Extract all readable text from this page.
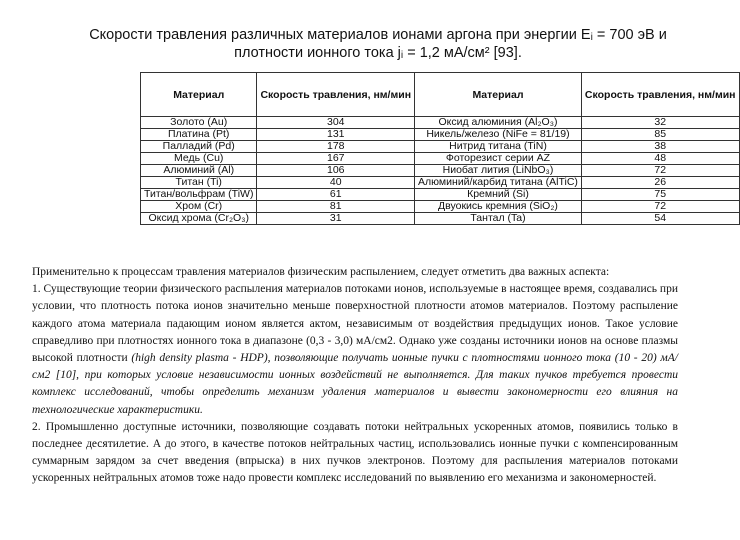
Скорости травления различных материалов ионами аргона при энергии Eᵢ = 700 эВ и
плотности ионного тока jᵢ = 1,2 мА/см² [93].
Материал	Скорость травления, нм/мин	Материал	Скорость травления, нм/мин
Золото (Au)	304	Оксид алюминия (Al₂O₃)	32
Платина (Pt)	131	Никель/железо (NiFe = 81/19)	85
Палладий (Pd)	178	Нитрид титана (TiN)	38
Медь (Cu)	167	Фоторезист серии AZ	48
Алюминий (Al)	106	Ниобат лития (LiNbO₃)	72
Титан (Ti)	40	Алюминий/карбид титана (AlTiC)	26
Титан/вольфрам (TiW)	61	Кремний (Si)	75
Хром (Cr)	81	Двуокись кремния (SiO₂)	72
Оксид хрома (Cr₂O₃)	31	Тантал (Ta)	54

Применительно к процессам травления материалов физическим распылением, следует отметить два важных аспекта:

1. Существующие теории физического распыления материалов потоками ионов, используемые в настоящее время, создавались при условии, что плотность потока ионов значительно меньше поверхностной плотности атомов материалов. Поэтому распыление каждого атома материала падающим ионом является актом, независимым от воздействия предыдущих ионов. Такое условие справедливо при плотностях ионного тока в диапазоне (0,3 - 3,0) мА/см2. Однако уже созданы источники ионов на основе плазмы высокой плотности (high density plasma - HDP), позволяющие получать ионные пучки с плотностями ионного тока (10 - 20) мА/см2 [10], при которых условие независимости ионных воздействий не выполняется. Для таких пучков требуется провести комплекс исследований, чтобы определить механизм удаления материалов и вывести закономерности его влияния на технологические характеристики.

2. Промышленно доступные источники, позволяющие создавать потоки нейтральных ускоренных атомов, появились только в последнее десятилетие. А до этого, в качестве потоков нейтральных частиц, использовались ионные пучки с компенсированным суммарным зарядом за счет введения (впрыска) в них пучков электронов. Поэтому для распыления материалов потоками ускоренных нейтральных атомов тоже надо провести комплекс исследований по выявлению его механизма и закономерностей.
